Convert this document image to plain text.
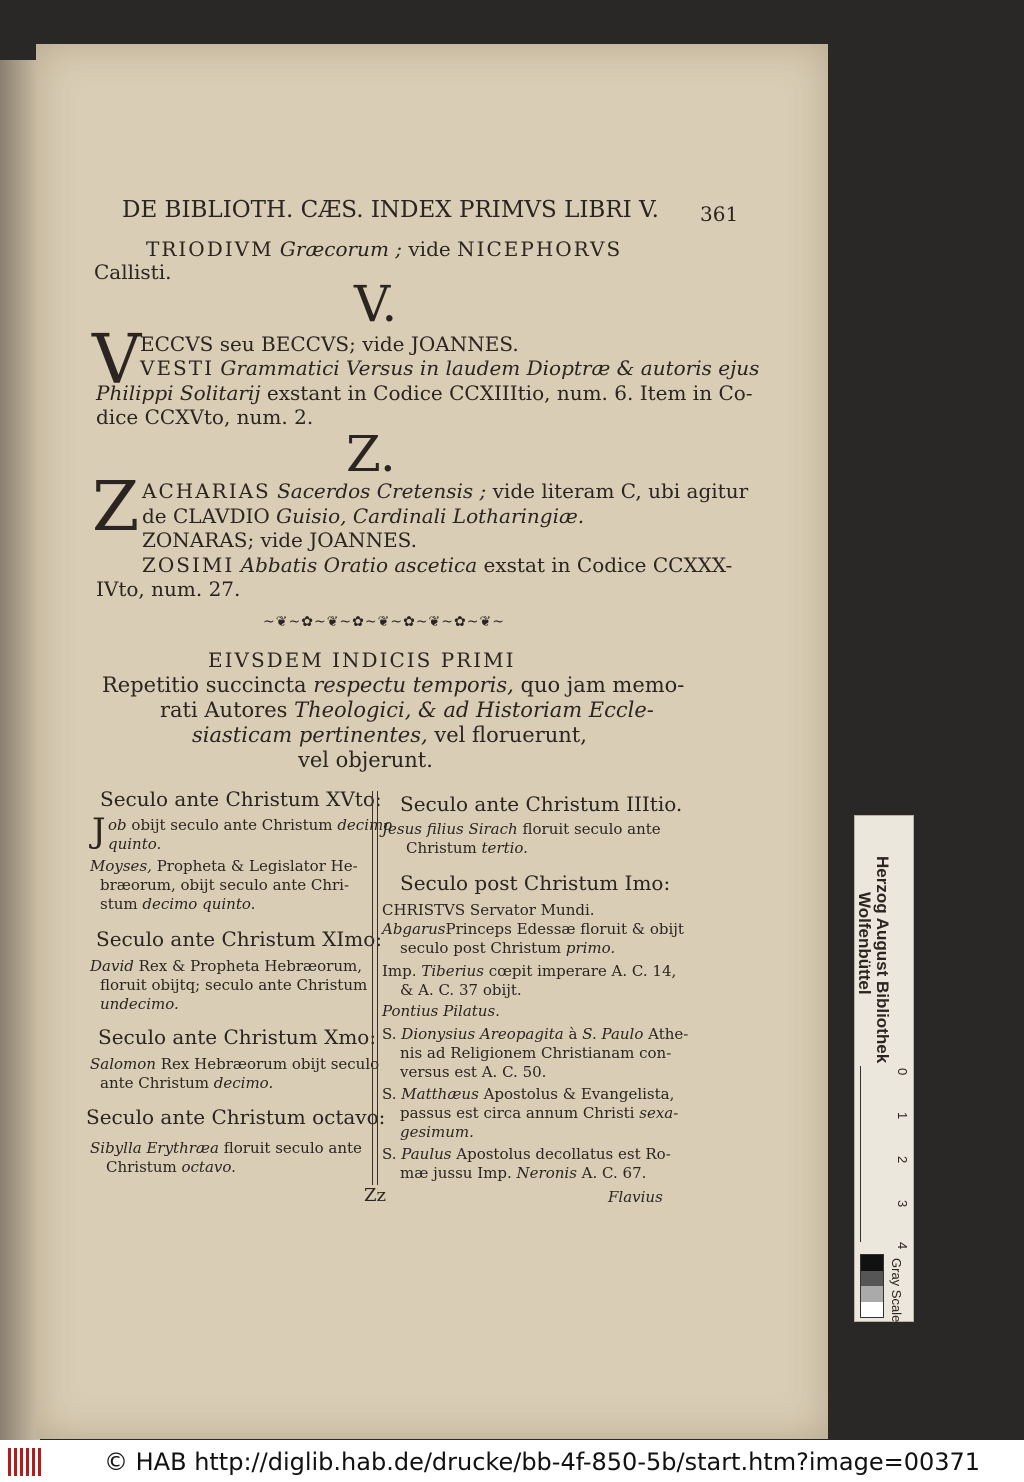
DE BIBLIOTH. CÆS. INDEX PRIMVS LIBRI V. 361
TRIODIVM Græcorum ; vide NICEPHORVS
Callisti.
V.
V
ECCVS seu BECCVS; vide JOANNES.
VESTI Grammatici Versus in laudem Dioptræ & autoris ejus
Philippi Solitarij exstant in Codice CCXIIItio, num. 6. Item in Co-
dice CCXVto, num. 2.
Z.
Z ACHARIAS Sacerdos Cretensis ; vide literam C, ubi agitur
de CLAVDIO Guisio, Cardinali Lotharingiæ.
ZONARAS; vide JOANNES.
ZOSIMI Abbatis Oratio ascetica exstat in Codice CCXXX-
IVto, num. 27.
~❦~✿~❦~✿~❦~✿~❦~✿~❦~
EIVSDEM INDICIS PRIMI
Repetitio succincta respectu temporis, quo jam memo-
rati Autores Theologici, & ad Historiam Eccle-
siasticam pertinentes, vel floruerunt,
vel objerunt.
Seculo ante Christum XVto:
J ob obijt seculo ante Christum decimo
quinto.
Moyses, Propheta & Legislator He-
bræorum, obijt seculo ante Chri-
stum decimo quinto.
Seculo ante Christum XImo:
David Rex & Propheta Hebræorum,
floruit obijtq; seculo ante Christum
undecimo.
Seculo ante Christum Xmo:
Salomon Rex Hebræorum obijt seculo
ante Christum decimo.
Seculo ante Christum octavo:
Sibylla Erythræa floruit seculo ante
Christum octavo.
Seculo ante Christum IIItio.
Jesus filius Sirach floruit seculo ante
Christum tertio.
Seculo post Christum Imo:
CHRISTVS Servator Mundi.
AbgarusPrinceps Edessæ floruit & obijt
seculo post Christum primo.
Imp. Tiberius cœpit imperare A. C. 14,
& A. C. 37 obijt.
Pontius Pilatus.
S. Dionysius Areopagita à S. Paulo Athe-
nis ad Religionem Christianam con-
versus est A. C. 50.
S. Matthæus Apostolus & Evangelista,
passus est circa annum Christi sexa-
gesimum.
S. Paulus Apostolus decollatus est Ro-
mæ jussu Imp. Neronis A. C. 67.
Zz	Flavius
Herzog August Bibliothek
Wolfenbüttel
0
1
2
3
4
Gray Scale
© HAB http://diglib.hab.de/drucke/bb-4f-850-5b/start.htm?image=00371
